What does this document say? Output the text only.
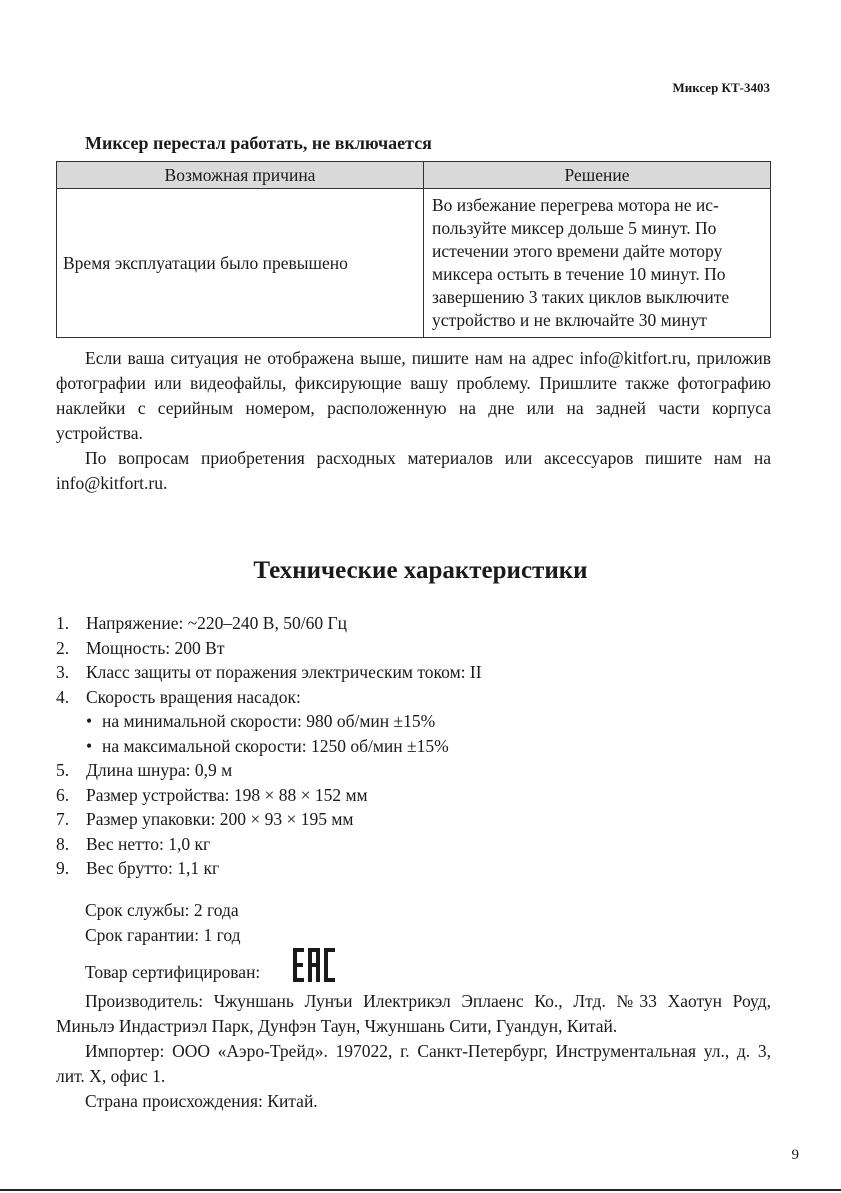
Миксер КТ-3403
Миксер перестал работать, не включается
Возможная причина	Решение
Время эксплуатации было превышено	Во избежание перегрева мотора не ис-пользуйте миксер дольше 5 минут. По истечении этого времени дайте мотору миксера остыть в течение 10 минут. По завершению 3 таких циклов выключите устройство и не включайте 30 минут

Если ваша ситуация не отображена выше, пишите нам на адрес info@kitfort.ru, приложив фотографии или видеофайлы, фиксирующие вашу проблему. Пришлите также фотографию наклейки с серийным номером, расположенную на дне или на задней части корпуса устройства.

По вопросам приобретения расходных материалов или аксессуаров пишите нам на info@kitfort.ru.

Технические характеристики
1. Напряжение: ~220–240 В, 50/60 Гц
2. Мощность: 200 Вт
3. Класс защиты от поражения электрическим током: II
4. Скорость вращения насадок:
• на минимальной скорости: 980 об/мин ±15%
• на максимальной скорости: 1250 об/мин ±15%
5. Длина шнура: 0,9 м
6. Размер устройства: 198 × 88 × 152 мм
7. Размер упаковки: 200 × 93 × 195 мм
8. Вес нетто: 1,0 кг
9. Вес брутто: 1,1 кг

Срок службы: 2 года

Срок гарантии: 1 год

Товар сертифицирован:

Производитель: Чжуншань Лунъи Илектрикэл Эплаенс Ко., Лтд. №33 Хаотун Роуд, Миньлэ Индастриэл Парк, Дунфэн Таун, Чжуншань Сити, Гуандун, Китай.

Импортер: ООО «Аэро-Трейд». 197022, г. Санкт-Петербург, Инструментальная ул., д. 3, лит. Х, офис 1.

Страна происхождения: Китай.

9
